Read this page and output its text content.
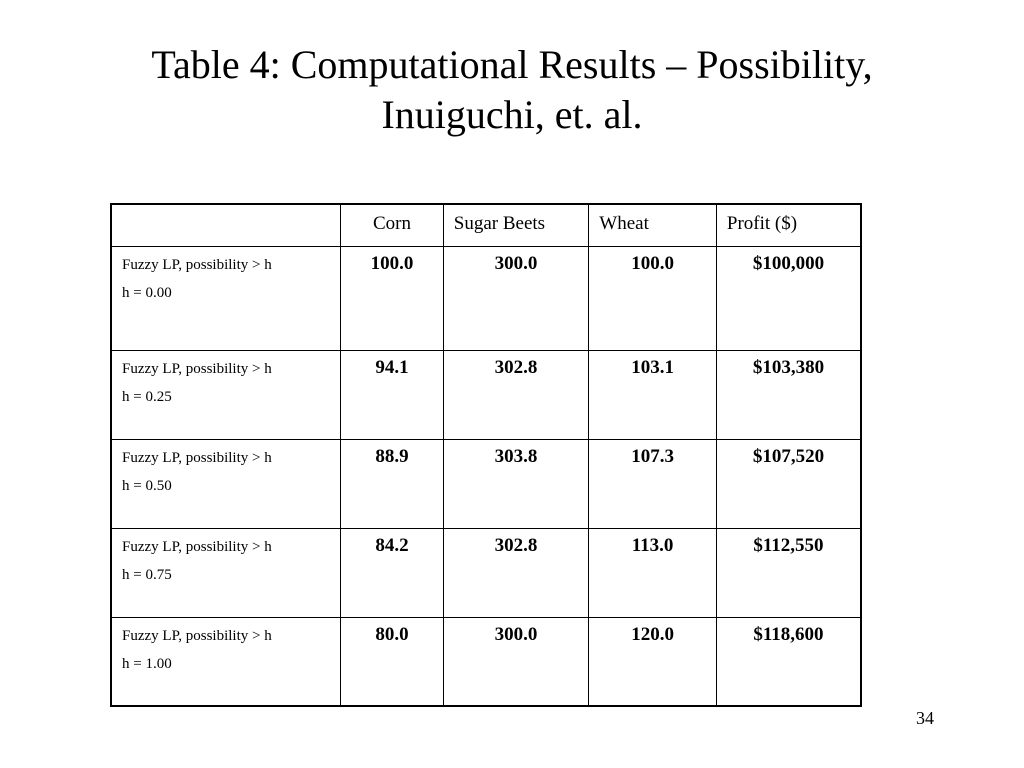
Table 4: Computational Results – Possibility,
Inuiguchi, et. al.
	Corn	Sugar Beets	Wheat	Profit ($)

Fuzzy LP, possibility > h
h = 0.00	100.0	300.0	100.0	$100,000

Fuzzy LP, possibility > h
h = 0.25	94.1	302.8	103.1	$103,380

Fuzzy LP, possibility > h
h = 0.50	88.9	303.8	107.3	$107,520

Fuzzy LP, possibility > h
h = 0.75	84.2	302.8	113.0	$112,550

Fuzzy LP, possibility > h
h = 1.00	80.0	300.0	120.0	$118,600
34
